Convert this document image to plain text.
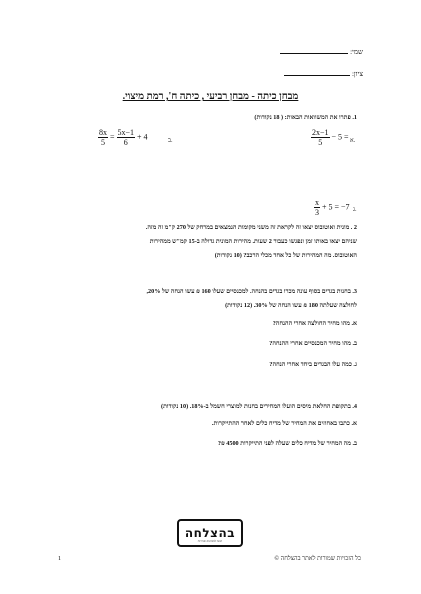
שמי:
ציון:
מבחן כיתה - מבחן רביעי , כיתה ח', רמת מיצוי.
1. פתרו את המשוואות הבאות: ( 18 נקודות)
$\frac{2x-1}{5} - 5$ = א.
$\frac{8x}{5} = \frac{5x-1}{6} + 4$	ב.
$\frac{x}{3} + 5 = -7$ ג.
2 . מונית ואוטובוס יצאו זה לקראת זה משני מקומות הנמצאים במרחק של 270 ק"מ זה מזה.
שניהם יצאו באותו זמן ונפגשו כעבור 2 שעות. מהירות המונית גדולה ב-15 קמ"ש ממהירות
האוטובוס. מה המהירות של כל אחד מכלי הרכב? (10 נקודות)
3. בחנות בגדים בסוף עונה מכרו בגדים בהנחה. למכנסיים שעלו 160 ₪ עשו הנחה של 20%,
לחולצה שעלתה 180 ₪ עשו הנחה של 30%. (12 נקודות)
א. מהו מחיר החולצה אחרי ההנחה?
ב. מהו מחיר המכנסיים אחרי ההנחה?
ג. כמה עלו הבגדים ביחד אחרי הנחה?
4. בתקופת החלאת מיסים הועלו המחירים בחנות למוצרי חשמל ב-18%. (10 נקודות)
א. כתבו באחוזים את המחיר של מדיח כלים לאחר ההתייקרות.
ב. מה המחיר של מדיח כלים שעלה לפני התייקרות 4500 ₪?
בהצלחה
הכנה למבחנים ובגרויות
כל הזכויות שמורות לאתר בהצלחה ©
1
